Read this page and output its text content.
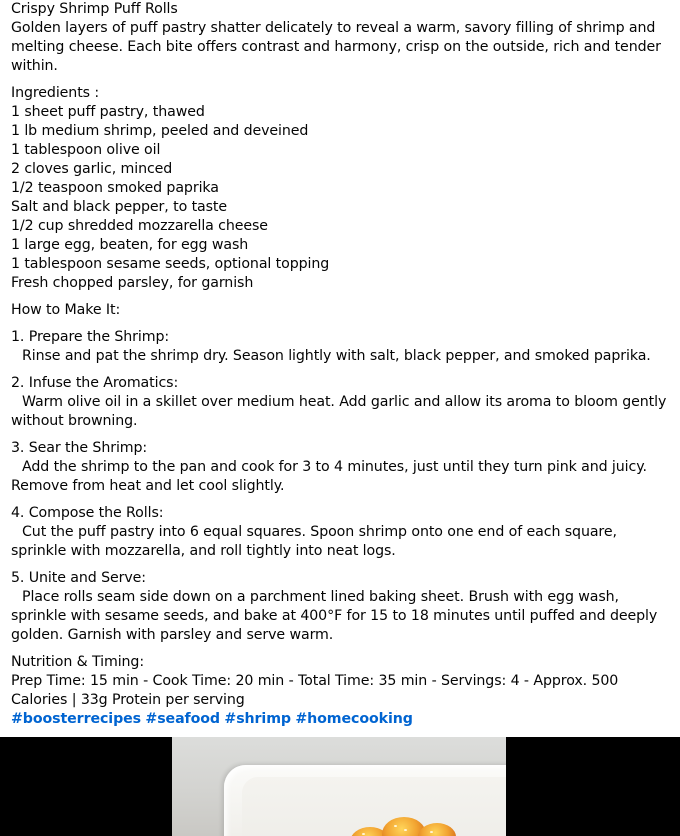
Crispy Shrimp Puff Rolls
Golden layers of puff pastry shatter delicately to reveal a warm, savory filling of shrimp and melting cheese. Each bite offers contrast and harmony, crisp on the outside, rich and tender within.
Ingredients :
1 sheet puff pastry, thawed
1 lb medium shrimp, peeled and deveined
1 tablespoon olive oil
2 cloves garlic, minced
1/2 teaspoon smoked paprika
Salt and black pepper, to taste
1/2 cup shredded mozzarella cheese
1 large egg, beaten, for egg wash
1 tablespoon sesame seeds, optional topping
Fresh chopped parsley, for garnish
How to Make It:
1. Prepare the Shrimp:
Rinse and pat the shrimp dry. Season lightly with salt, black pepper, and smoked paprika.
2. Infuse the Aromatics:
Warm olive oil in a skillet over medium heat. Add garlic and allow its aroma to bloom gently without browning.
3. Sear the Shrimp:
Add the shrimp to the pan and cook for 3 to 4 minutes, just until they turn pink and juicy. Remove from heat and let cool slightly.
4. Compose the Rolls:
Cut the puff pastry into 6 equal squares. Spoon shrimp onto one end of each square, sprinkle with mozzarella, and roll tightly into neat logs.
5. Unite and Serve:
Place rolls seam side down on a parchment lined baking sheet. Brush with egg wash, sprinkle with sesame seeds, and bake at 400°F for 15 to 18 minutes until puffed and deeply golden. Garnish with parsley and serve warm.
Nutrition & Timing:
Prep Time: 15 min - Cook Time: 20 min - Total Time: 35 min - Servings: 4 - Approx. 500 Calories | 33g Protein per serving
#boosterrecipes #seafood #shrimp #homecooking
